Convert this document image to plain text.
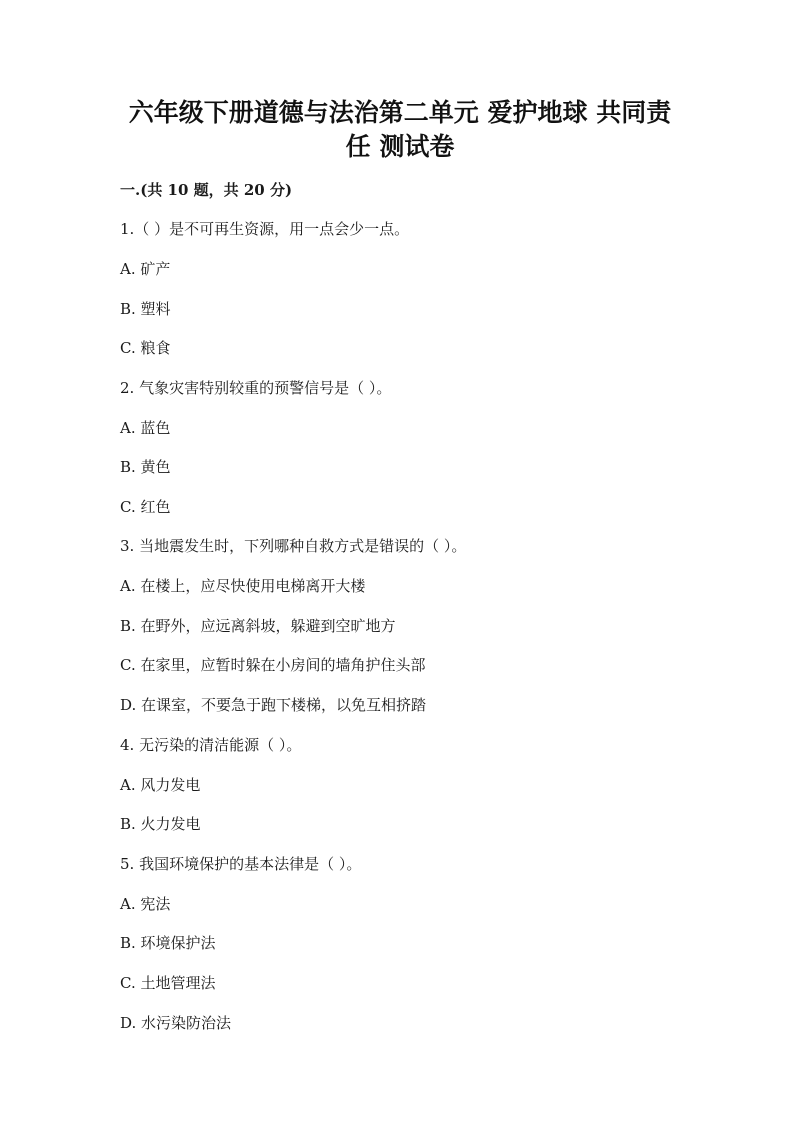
六年级下册道德与法治第二单元 爱护地球 共同责
任 测试卷
一.(共 10 题，共 20 分)
1.（ ）是不可再生资源，用一点会少一点。
A. 矿产
B. 塑料
C. 粮食
2. 气象灾害特别较重的预警信号是（ ）。
A. 蓝色
B. 黄色
C. 红色
3. 当地震发生时，下列哪种自救方式是错误的（ ）。
A. 在楼上，应尽快使用电梯离开大楼
B. 在野外，应远离斜坡，躲避到空旷地方
C. 在家里，应暂时躲在小房间的墙角护住头部
D. 在课室，不要急于跑下楼梯，以免互相挤踏
4. 无污染的清洁能源（ ）。
A. 风力发电
B. 火力发电
5. 我国环境保护的基本法律是（ ）。
A. 宪法
B. 环境保护法
C. 土地管理法
D. 水污染防治法
